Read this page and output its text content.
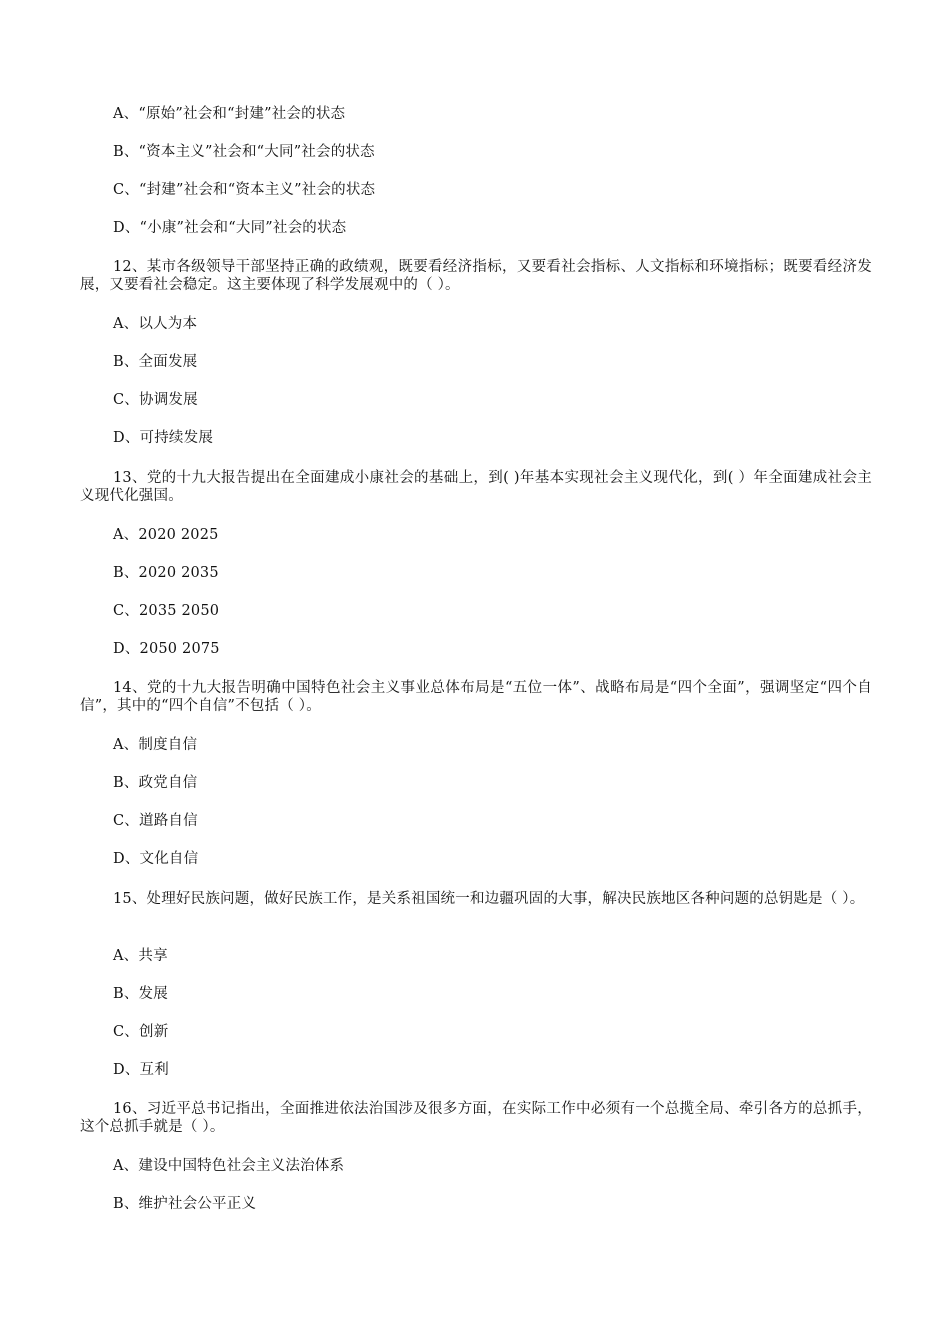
A、“原始”社会和“封建”社会的状态
B、“资本主义”社会和“大同”社会的状态
C、“封建”社会和“资本主义”社会的状态
D、“小康”社会和“大同”社会的状态
12、某市各级领导干部坚持正确的政绩观，既要看经济指标，又要看社会指标、人文指标和环境指标；既要看经济发展，又要看社会稳定。这主要体现了科学发展观中的（ ）。
A、以人为本
B、全面发展
C、协调发展
D、可持续发展
13、党的十九大报告提出在全面建成小康社会的基础上，到( )年基本实现社会主义现代化，到( ）年全面建成社会主义现代化强国。
A、2020 2025
B、2020 2035
C、2035 2050
D、2050 2075
14、党的十九大报告明确中国特色社会主义事业总体布局是“五位一体”、战略布局是“四个全面”，强调坚定“四个自信”，其中的“四个自信”不包括（ ）。
A、制度自信
B、政党自信
C、道路自信
D、文化自信
15、处理好民族问题，做好民族工作，是关系祖国统一和边疆巩固的大事，解决民族地区各种问题的总钥匙是（ ）。
A、共享
B、发展
C、创新
D、互利
16、习近平总书记指出，全面推进依法治国涉及很多方面，在实际工作中必须有一个总揽全局、牵引各方的总抓手，这个总抓手就是（ ）。
A、建设中国特色社会主义法治体系
B、维护社会公平正义
